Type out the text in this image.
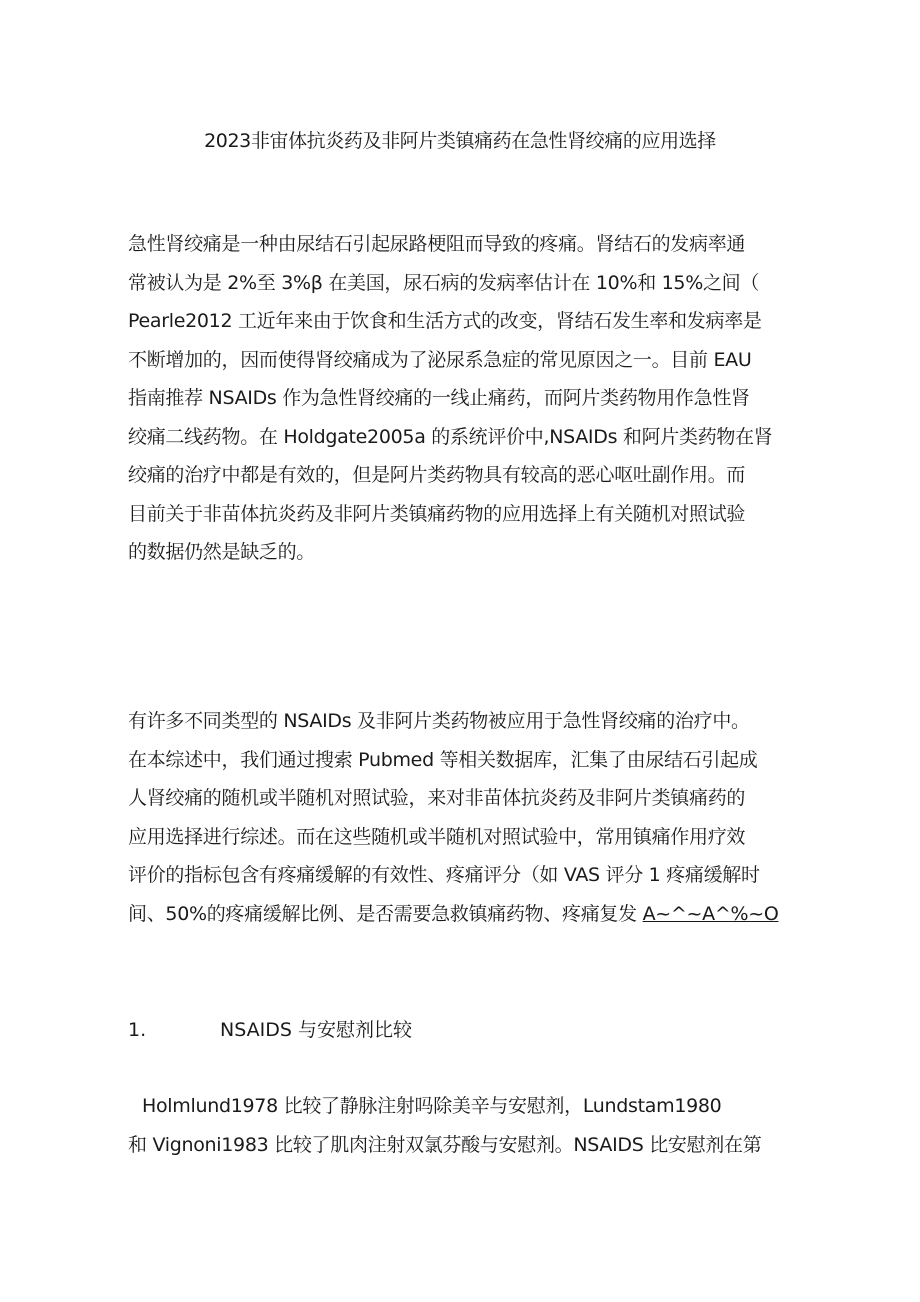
2023非宙体抗炎药及非阿片类镇痛药在急性肾绞痛的应用选择
急性肾绞痛是一种由尿结石引起尿路梗阻而导致的疼痛。肾结石的发病率通
常被认为是 2%至 3%β 在美国，尿石病的发病率估计在 10%和 15%之间（
Pearle2012 工近年来由于饮食和生活方式的改变，肾结石发生率和发病率是
不断增加的，因而使得肾绞痛成为了泌尿系急症的常见原因之一。目前 EAU
指南推荐 NSAIDs 作为急性肾绞痛的一线止痛药，而阿片类药物用作急性肾
绞痛二线药物。在 Holdgate2005a 的系统评价中,NSAIDs 和阿片类药物在肾
绞痛的治疗中都是有效的，但是阿片类药物具有较高的恶心呕吐副作用。而
目前关于非苗体抗炎药及非阿片类镇痛药物的应用选择上有关随机对照试验
的数据仍然是缺乏的。
有许多不同类型的 NSAIDs 及非阿片类药物被应用于急性肾绞痛的治疗中。
在本综述中，我们通过搜索 Pubmed 等相关数据库，汇集了由尿结石引起成
人肾绞痛的随机或半随机对照试验，来对非苗体抗炎药及非阿片类镇痛药的
应用选择进行综述。而在这些随机或半随机对照试验中，常用镇痛作用疗效
评价的指标包含有疼痛缓解的有效性、疼痛评分（如 VAS 评分 1 疼痛缓解时
间、50%的疼痛缓解比例、是否需要急救镇痛药物、疼痛复发 A~^~A^%~O
1.	NSAIDS 与安慰剂比较
Holmlund1978 比较了静脉注射吗除美辛与安慰剂，Lundstam1980
和 Vignoni1983 比较了肌肉注射双氯芬酸与安慰剂。NSAIDS 比安慰剂在第
